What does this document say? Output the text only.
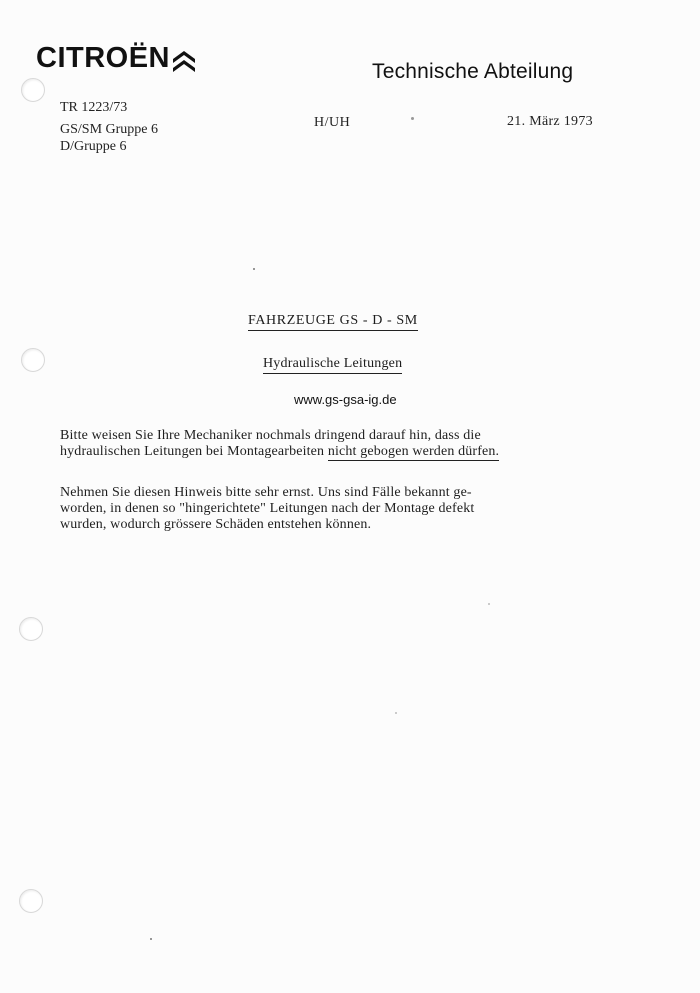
CITROËN	Technische Abteilung
TR 1223/73
GS/SM Gruppe 6
D/Gruppe 6
H/UH	21. März 1973
FAHRZEUGE GS - D - SM
Hydraulische Leitungen
www.gs-gsa-ig.de
Bitte weisen Sie Ihre Mechaniker nochmals dringend darauf hin, dass die
hydraulischen Leitungen bei Montagearbeiten nicht gebogen werden dürfen.
Nehmen Sie diesen Hinweis bitte sehr ernst. Uns sind Fälle bekannt ge-
worden, in denen so "hingerichtete" Leitungen nach der Montage defekt
wurden, wodurch grössere Schäden entstehen können.
